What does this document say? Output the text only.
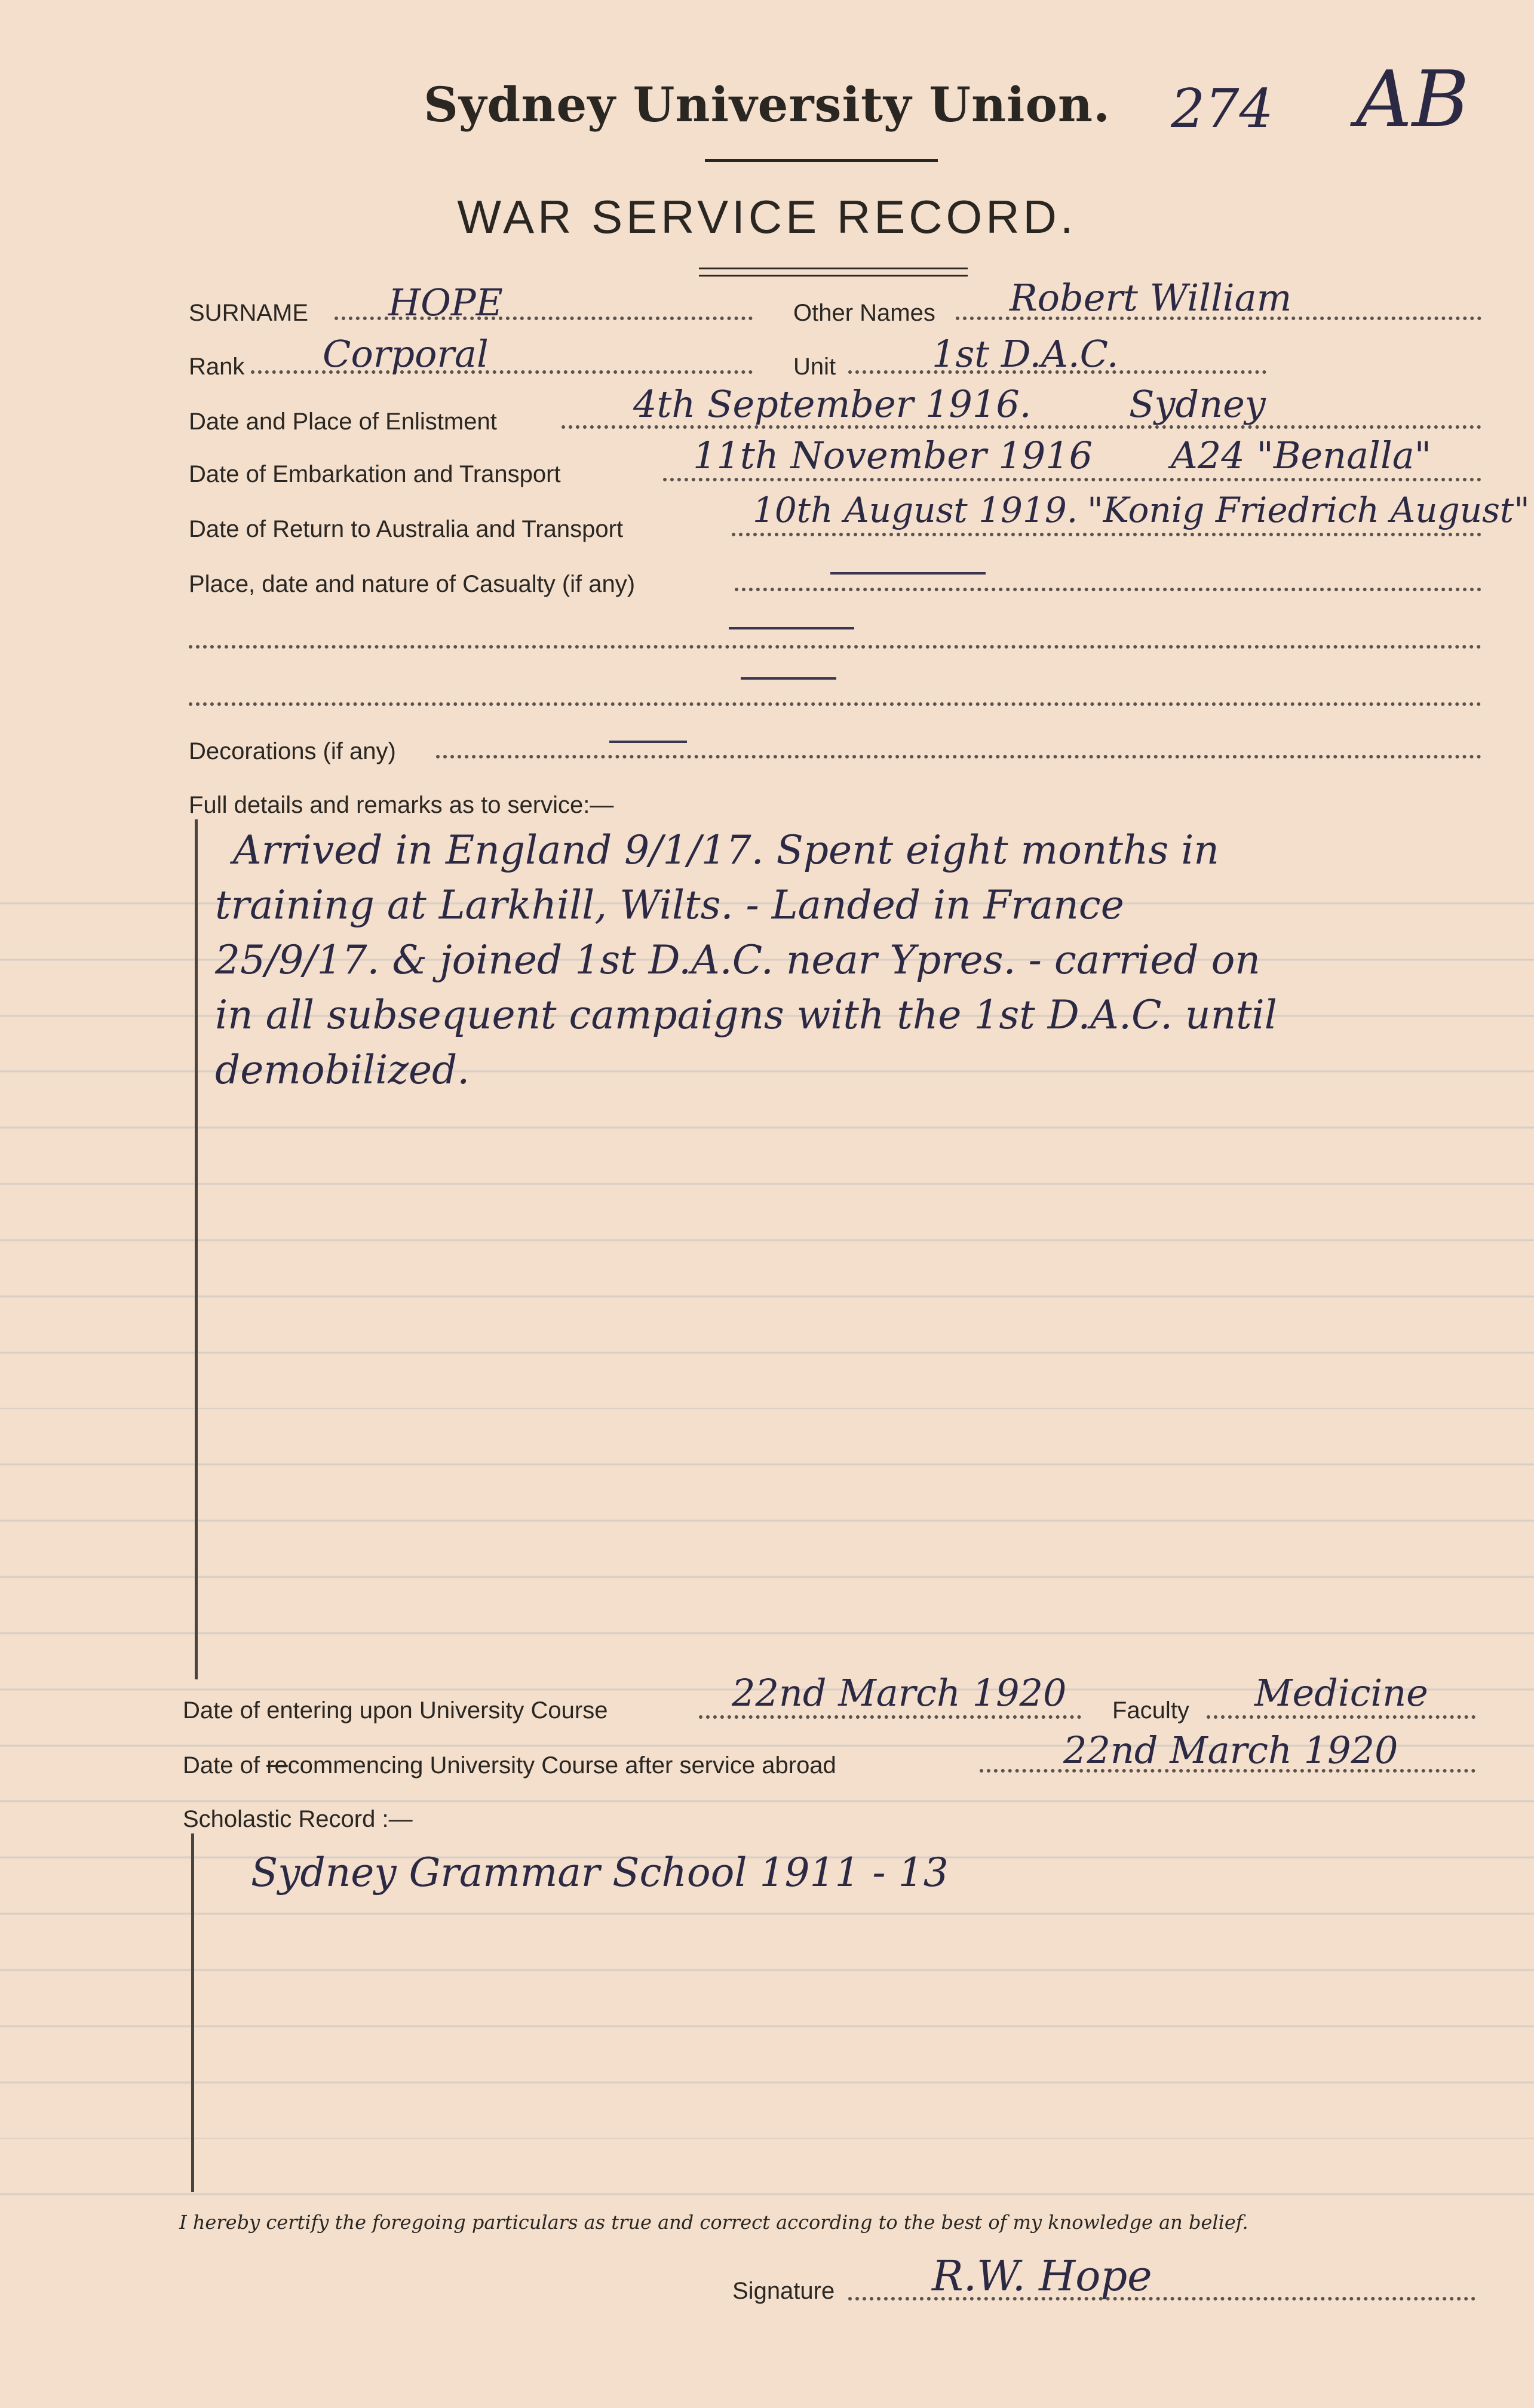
Sydney University Union.	274 AB
WAR SERVICE RECORD.
SURNAME HOPE	Other Names Robert William
Rank Corporal	Unit	1st D.A.C.
Date and Place of Enlistment	4th September 1916.	Sydney
Date of Embarkation and Transport	11th November 1916 A24 "Benalla"
Date of Return to Australia and Transport	10th August 1919. "Konig Friedrich August"
Place, date and nature of Casualty (if any)
Decorations (if any)
Full details and remarks as to service:—
Arrived in England 9/1/17. Spent eight months in
training at Larkhill, Wilts. - Landed in France
25/9/17. & joined 1st D.A.C. near Ypres. - carried on
in all subsequent campaigns with the 1st D.A.C. until
demobilized.
Date of entering upon University Course	22nd March 1920 Faculty Medicine
Date of recommencing University Course after service abroad	22nd March 1920
Scholastic Record :—
Sydney Grammar School 1911 - 13
I hereby certify the foregoing particulars as true and correct according to the best of my knowledge an belief.
Signature R.W. Hope
